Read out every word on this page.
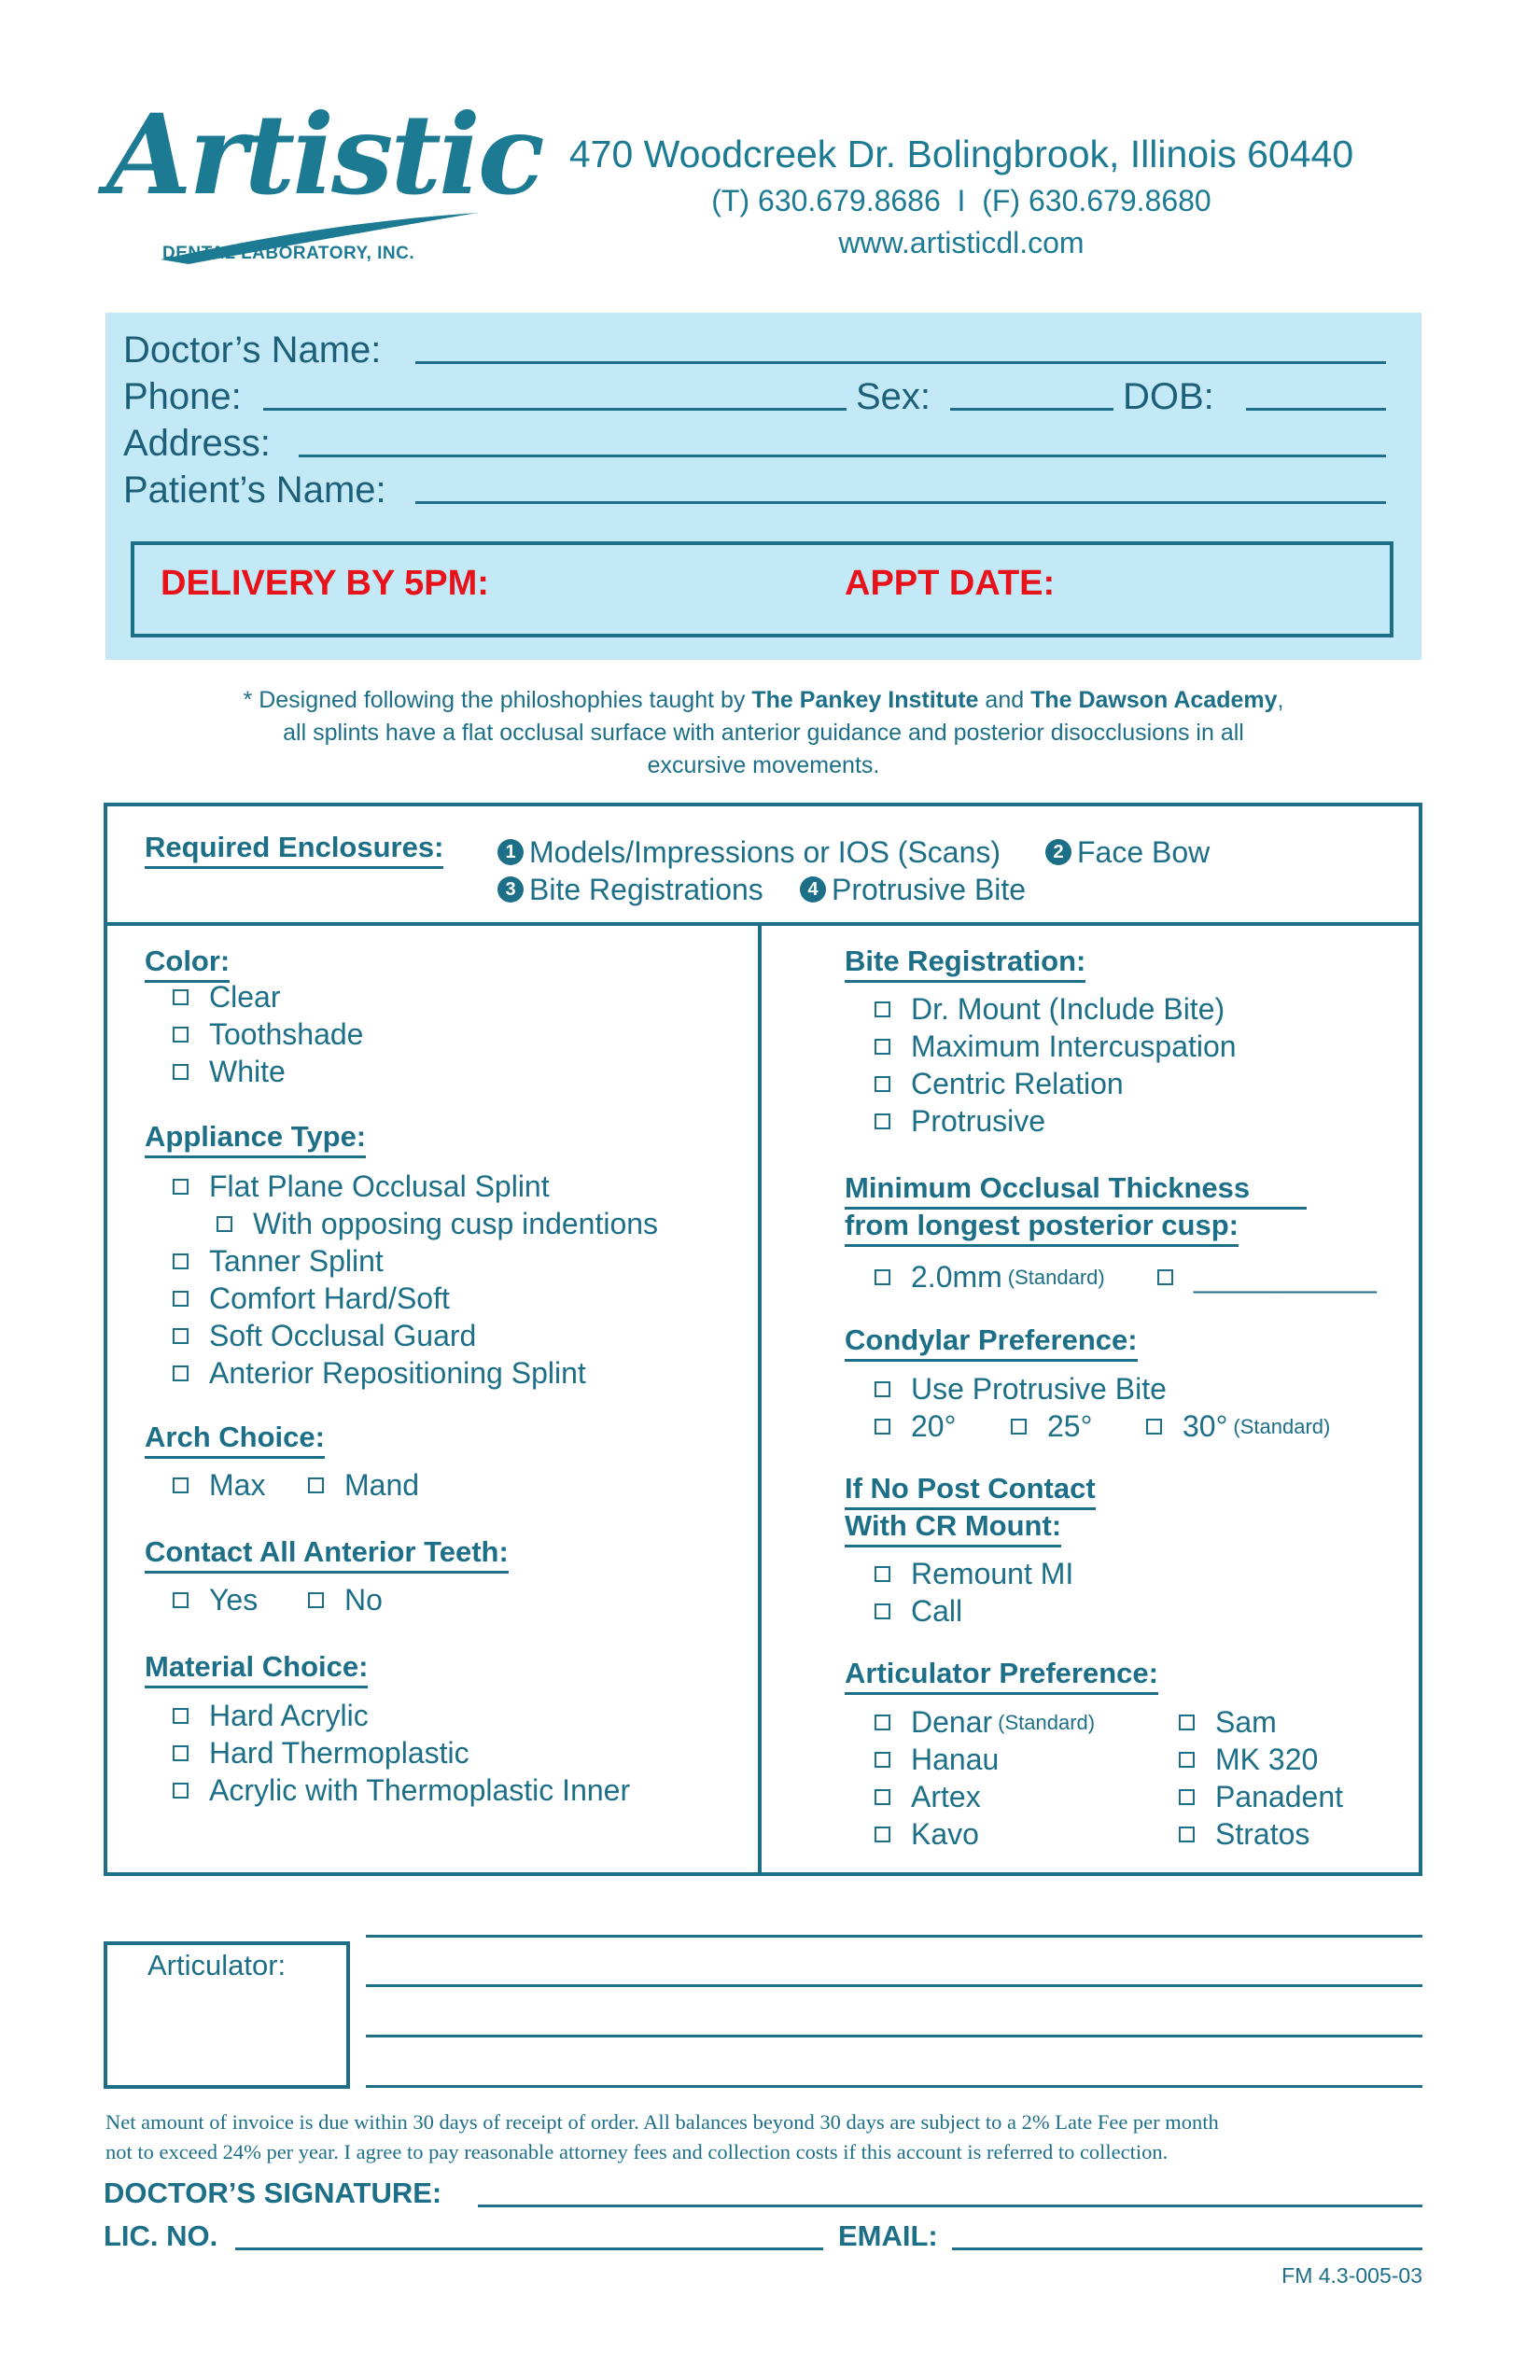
Artistic
DENTAL LABORATORY, INC.
470 Woodcreek Dr. Bolingbrook, Illinois 60440
(T) 630.679.8686  I  (F) 630.679.8680
www.artisticdl.com
Doctor’s Name:
Phone:	Sex:	DOB:
Address:
Patient’s Name:
DELIVERY BY 5PM:	APPT DATE:
* Designed following the philoshophies taught by The Pankey Institute and The Dawson Academy,
all splints have a flat occlusal surface with anterior guidance and posterior disocclusions in all
excursive movements.
Required Enclosures:	1 Models/Impressions or IOS (Scans)	2 Face Bow
3 Bite Registrations	4 Protrusive Bite
Color:
Clear
Toothshade
White
Appliance Type:
Flat Plane Occlusal Splint
With opposing cusp indentions
Tanner Splint
Comfort Hard/Soft
Soft Occlusal Guard
Anterior Repositioning Splint
Arch Choice:
Max	Mand
Contact All Anterior Teeth:
Yes	No
Material Choice:
Hard Acrylic
Hard Thermoplastic
Acrylic with Thermoplastic Inner
Bite Registration:
Dr. Mount (Include Bite)
Maximum Intercuspation
Centric Relation
Protrusive
Minimum Occlusal Thickness
from longest posterior cusp:
2.0mm (Standard)	___________
Condylar Preference:
Use Protrusive Bite
20°	25°	30° (Standard)
If No Post Contact
With CR Mount:
Remount MI
Call
Articulator Preference:
Denar (Standard)
Hanau
Artex
Kavo
Sam
MK 320
Panadent
Stratos
Articulator:
Net amount of invoice is due within 30 days of receipt of order. All balances beyond 30 days are subject to a 2% Late Fee per month
not to exceed 24% per year. I agree to pay reasonable attorney fees and collection costs if this account is referred to collection.
DOCTOR’S SIGNATURE:
LIC. NO.	EMAIL:
FM 4.3-005-03
